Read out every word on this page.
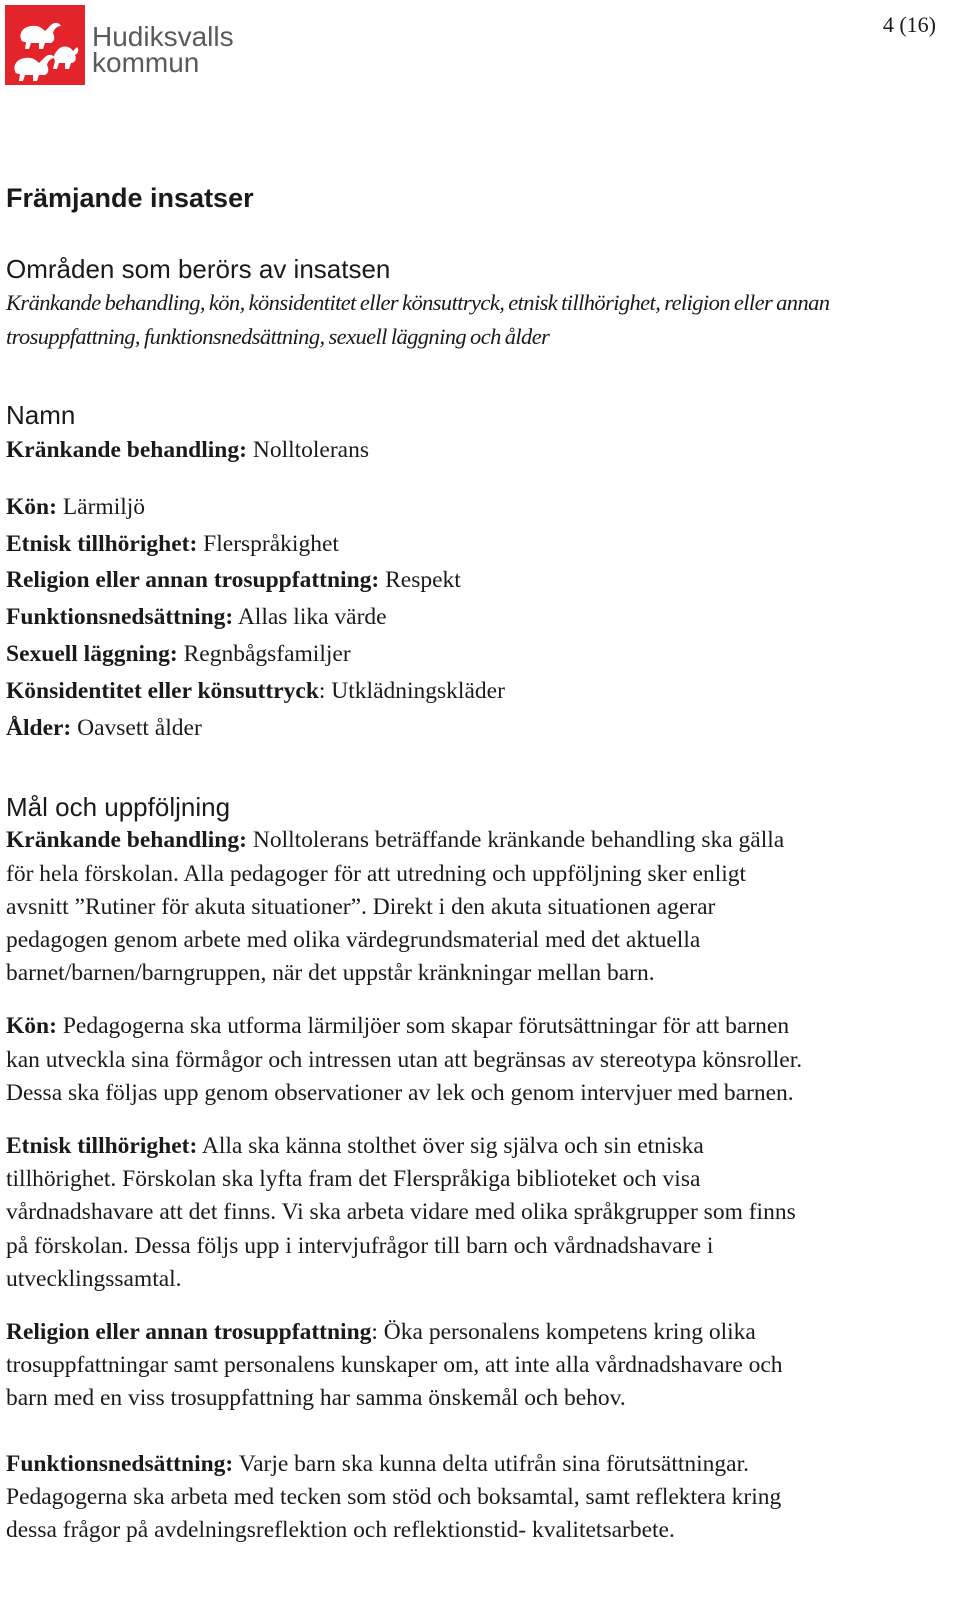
Hudiksvalls
kommun
4 (16)
Främjande insatser
Områden som berörs av insatsen

Kränkande behandling, kön, könsidentitet eller könsuttryck, etnisk tillhörighet, religion eller annan
trosuppfattning, funktionsnedsättning, sexuell läggning och ålder

Namn

Kränkande behandling: Nolltolerans

Kön: Lärmiljö

Etnisk tillhörighet: Flerspråkighet

Religion eller annan trosuppfattning: Respekt

Funktionsnedsättning: Allas lika värde

Sexuell läggning: Regnbågsfamiljer

Könsidentitet eller könsuttryck: Utklädningskläder

Ålder: Oavsett ålder

Mål och uppföljning

Kränkande behandling: Nolltolerans beträffande kränkande behandling ska gälla
för hela förskolan. Alla pedagoger för att utredning och uppföljning sker enligt
avsnitt ”Rutiner för akuta situationer”. Direkt i den akuta situationen agerar
pedagogen genom arbete med olika värdegrundsmaterial med det aktuella
barnet/barnen/barngruppen, när det uppstår kränkningar mellan barn.

Kön: Pedagogerna ska utforma lärmiljöer som skapar förutsättningar för att barnen
kan utveckla sina förmågor och intressen utan att begränsas av stereotypa könsroller.
Dessa ska följas upp genom observationer av lek och genom intervjuer med barnen.

Etnisk tillhörighet: Alla ska känna stolthet över sig själva och sin etniska
tillhörighet. Förskolan ska lyfta fram det Flerspråkiga biblioteket och visa
vårdnadshavare att det finns. Vi ska arbeta vidare med olika språkgrupper som finns
på förskolan. Dessa följs upp i intervjufrågor till barn och vårdnadshavare i
utvecklingssamtal.

Religion eller annan trosuppfattning: Öka personalens kompetens kring olika
trosuppfattningar samt personalens kunskaper om, att inte alla vårdnadshavare och
barn med en viss trosuppfattning har samma önskemål och behov.

Funktionsnedsättning: Varje barn ska kunna delta utifrån sina förutsättningar.
Pedagogerna ska arbeta med tecken som stöd och boksamtal, samt reflektera kring
dessa frågor på avdelningsreflektion och reflektionstid- kvalitetsarbete.
